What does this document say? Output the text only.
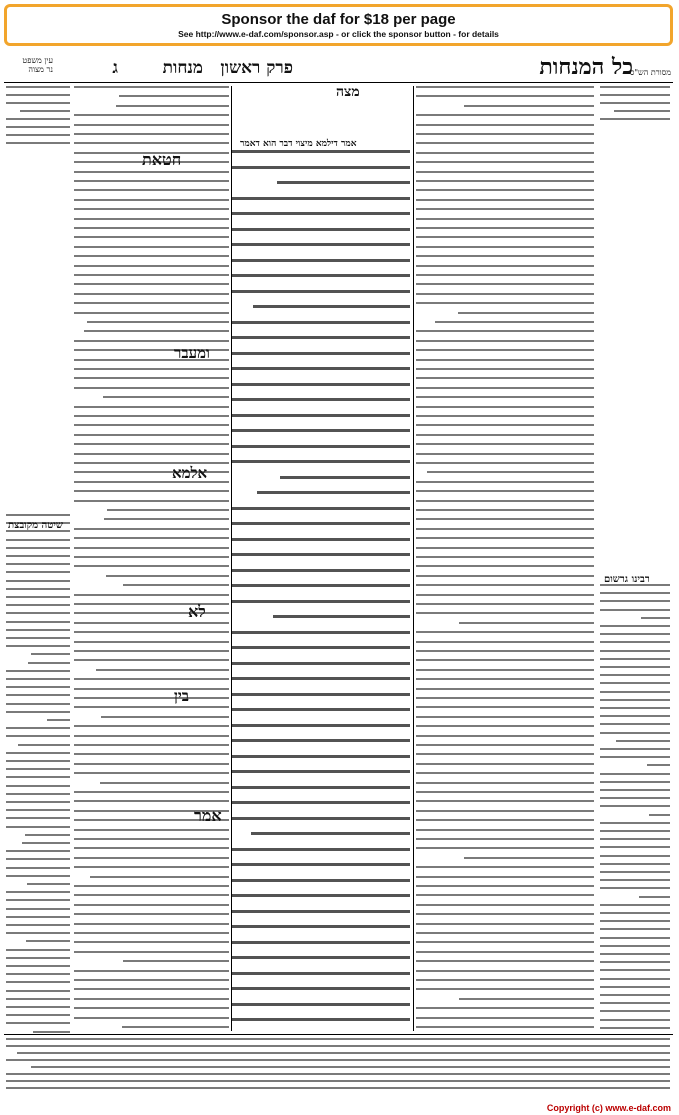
Sponsor the daf for $18 per page
See http://www.e-daf.com/sponsor.asp - or click the sponsor button - for details
כל המנחות
פרק ראשון
מנחות
ג
עין משפט
נר מצוה	מסורת הש"ס
מצה
אמר דילמא מיצוי דבר הוא דאמר
חטאת
ומעבר
אלמא
לא
בין
אמר
שיטה מקובצת
רבינו גרשום
Copyright (c) www.e-daf.com
